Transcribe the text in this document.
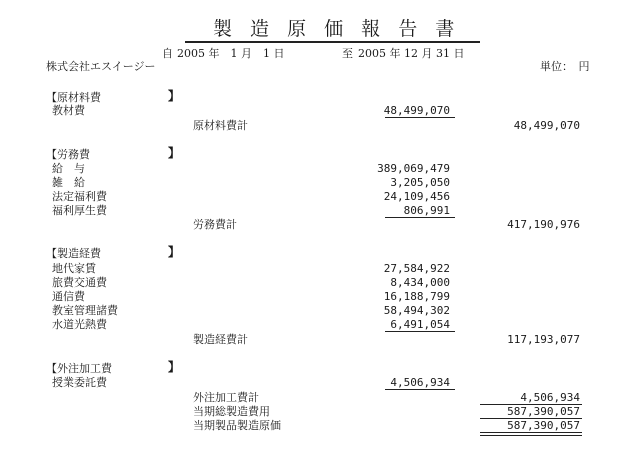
製 造 原 価 報 告 書
自 2005 年　1 月　1 日	至 2005 年 12 月 31 日
株式会社エスイージー	単位：　円
【原材料費	】
教材費	48,499,070
原材料費計	48,499,070
【労務費	】
給　与	389,069,479
雑　給	3,205,050
法定福利費	24,109,456
福利厚生費	806,991
労務費計	417,190,976
【製造経費	】
地代家賃	27,584,922
旅費交通費	8,434,000
通信費	16,188,799
教室管理諸費	58,494,302
水道光熱費	6,491,054
製造経費計	117,193,077
【外注加工費	】
授業委託費	4,506,934
外注加工費計	4,506,934
当期総製造費用	587,390,057
当期製品製造原価	587,390,057
